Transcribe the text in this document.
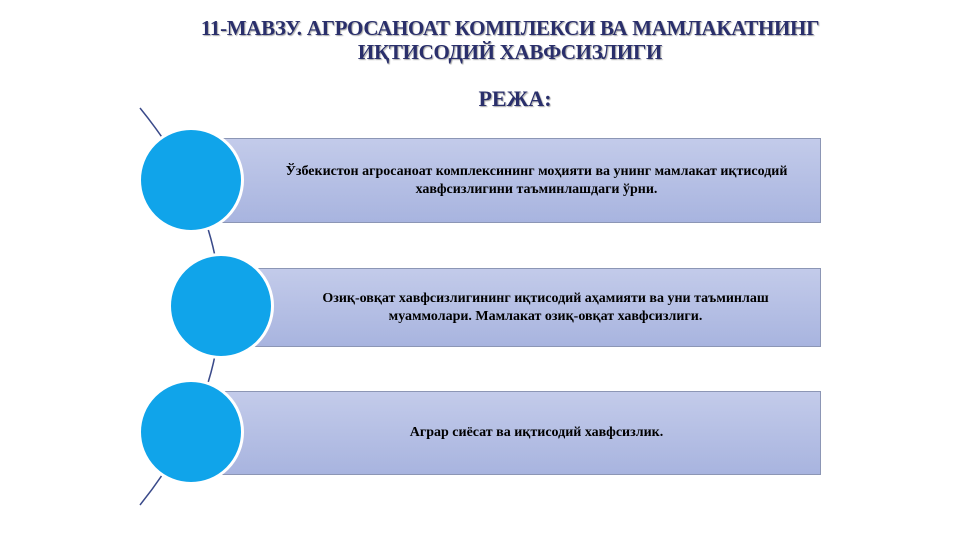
11-МАВЗУ. АГРОСАНОАТ КОМПЛЕКСИ ВА МАМЛАКАТНИНГ ИҚТИСОДИЙ ХАВФСИЗЛИГИ
РЕЖА:
Ўзбекистон агросаноат комплексининг моҳияти ва унинг мамлакат иқтисодий хавфсизлигини таъминлашдаги ўрни.
Озиқ-овқат хавфсизлигининг иқтисодий аҳамияти ва уни таъминлаш муаммолари. Мамлакат озиқ-овқат хавфсизлиги.
Аграр сиёсат ва иқтисодий хавфсизлик.
